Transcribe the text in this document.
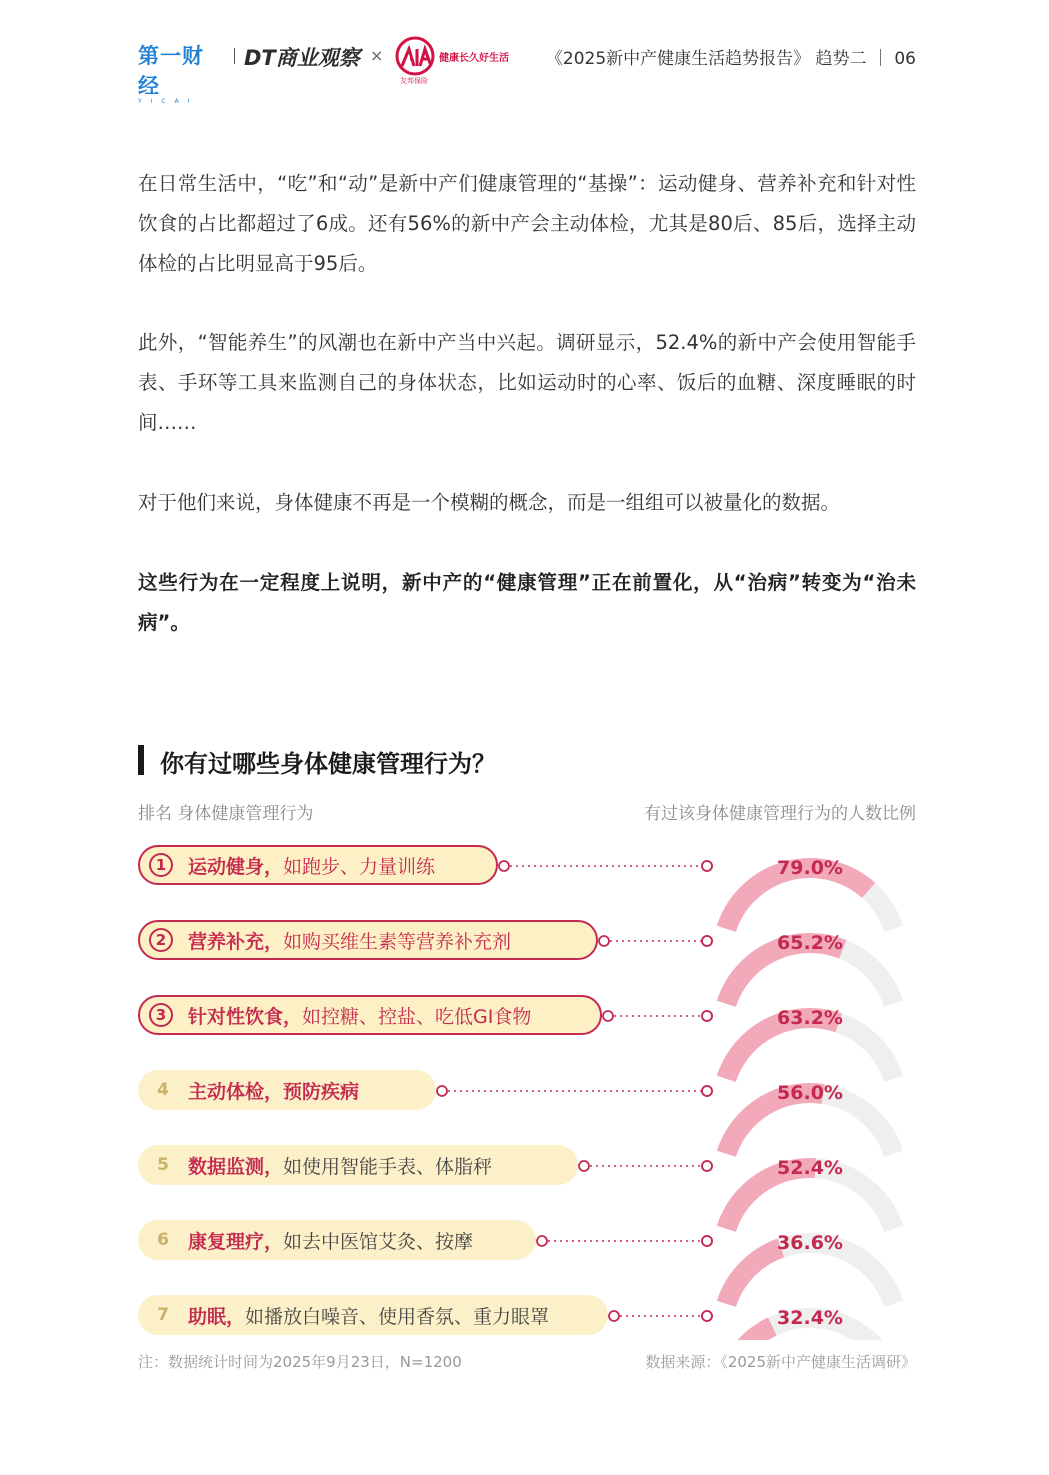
第一财经
YICAI
DT商业观察 ×	健康长久好生活
友邦保险
《2025新中产健康生活趋势报告》 趋势二 ｜ 06

在日常生活中，“吃”和“动”是新中产们健康管理的“基操”：运动健身、营养补充和针对性饮食的占比都超过了6成。还有56%的新中产会主动体检，尤其是80后、85后，选择主动体检的占比明显高于95后。

此外，“智能养生”的风潮也在新中产当中兴起。调研显示，52.4%的新中产会使用智能手表、手环等工具来监测自己的身体状态，比如运动时的心率、饭后的血糖、深度睡眠的时间……

对于他们来说，身体健康不再是一个模糊的概念，而是一组组可以被量化的数据。

这些行为在一定程度上说明，新中产的“健康管理”正在前置化，从“治病”转变为“治未病”。

你有过哪些身体健康管理行为？
排名 身体健康管理行为	有过该身体健康管理行为的人数比例
1	运动健身， 如跑步、力量训练	79.0%
2	营养补充， 如购买维生素等营养补充剂	65.2%
3	针对性饮食， 如控糖、控盐、吃低GI食物	63.2%
4	主动体检，预防疾病	56.0%
5	数据监测， 如使用智能手表、体脂秤	52.4%
6	康复理疗， 如去中医馆艾灸、按摩	36.6%
7	助眠， 如播放白噪音、使用香氛、重力眼罩	32.4%
注：数据统计时间为2025年9月23日，N=1200	数据来源：《2025新中产健康生活调研》
